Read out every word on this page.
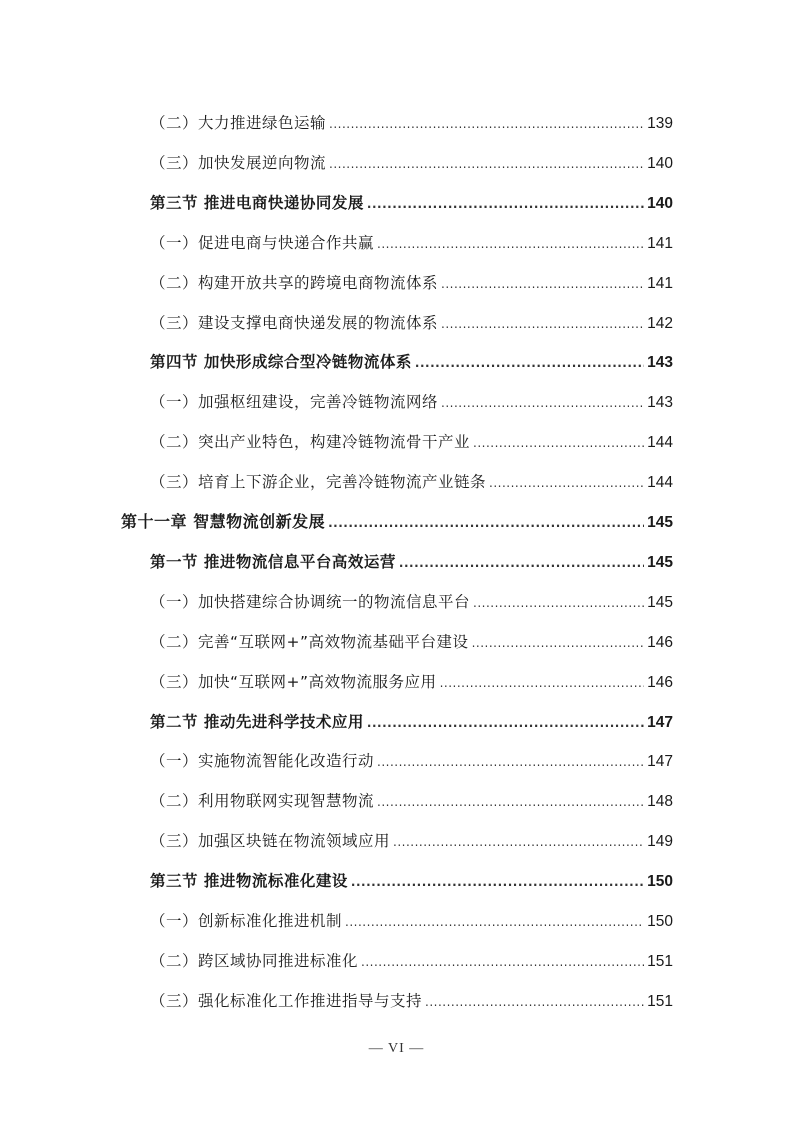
（二）大力推进绿色运输 .....	139
（三）加快发展逆向物流 .....	140
第三节 推进电商快递协同发展 .....	140
（一）促进电商与快递合作共赢 .....	141
（二）构建开放共享的跨境电商物流体系 .....	141
（三）建设支撑电商快递发展的物流体系 .....	142
第四节 加快形成综合型冷链物流体系 .....	143
（一）加强枢纽建设，完善冷链物流网络 .....	143
（二）突出产业特色，构建冷链物流骨干产业 .....	144
（三）培育上下游企业，完善冷链物流产业链条 .....	144
第十一章 智慧物流创新发展 .....	145
第一节 推进物流信息平台高效运营 .....	145
（一）加快搭建综合协调统一的物流信息平台 .....	145
（二）完善“互联网+”高效物流基础平台建设 .....	146
（三）加快“互联网+”高效物流服务应用 .....	146
第二节 推动先进科学技术应用 .....	147
（一）实施物流智能化改造行动 .....	147
（二）利用物联网实现智慧物流 .....	148
（三）加强区块链在物流领域应用 .....	149
第三节 推进物流标准化建设 .....	150
（一）创新标准化推进机制 .....	150
（二）跨区域协同推进标准化 .....	151
（三）强化标准化工作推进指导与支持 .....	151
— VI —
